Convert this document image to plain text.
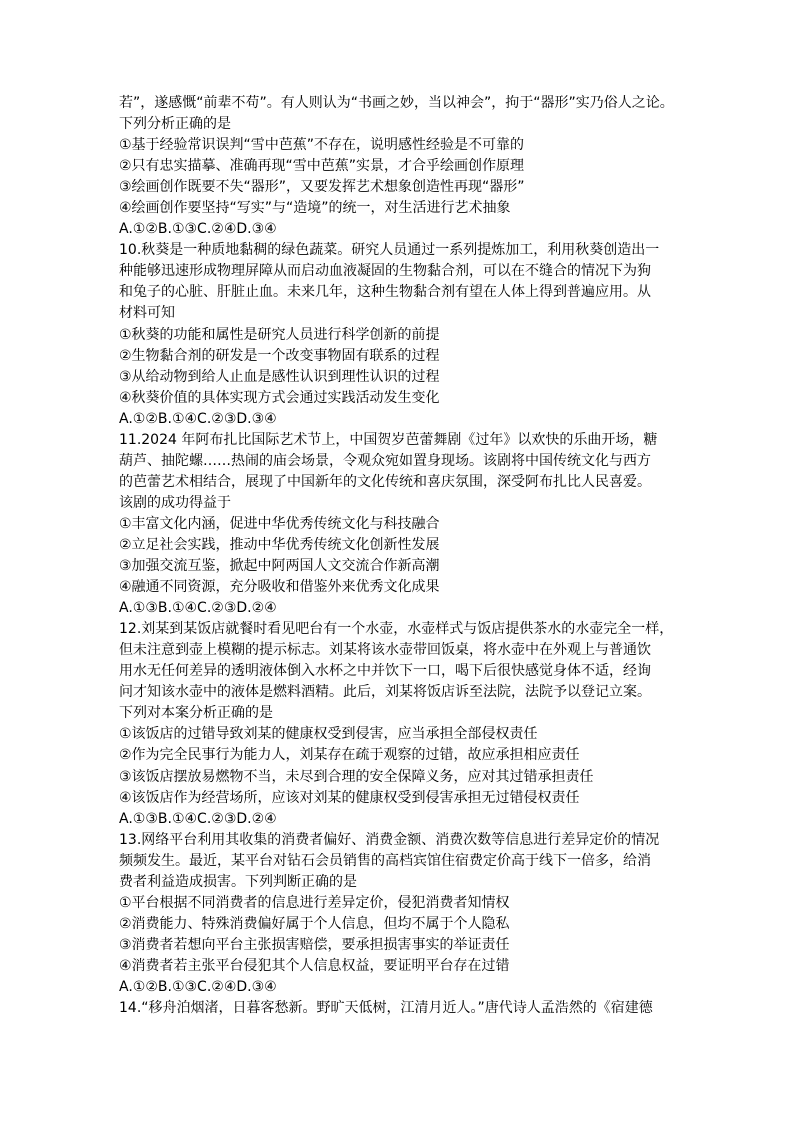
若”，遂感慨“前辈不苟”。有人则认为“书画之妙，当以神会”，拘于“器形”实乃俗人之论。
下列分析正确的是
①基于经验常识误判“雪中芭蕉”不存在，说明感性经验是不可靠的
②只有忠实描摹、准确再现“雪中芭蕉”实景，才合乎绘画创作原理
③绘画创作既要不失“器形”，又要发挥艺术想象创造性再现“器形”
④绘画创作要坚持“写实”与“造境”的统一，对生活进行艺术抽象
A.①②B.①③C.②④D.③④
10.秋葵是一种质地黏稠的绿色蔬菜。研究人员通过一系列提炼加工，利用秋葵创造出一
种能够迅速形成物理屏障从而启动血液凝固的生物黏合剂，可以在不缝合的情况下为狗
和兔子的心脏、肝脏止血。未来几年，这种生物黏合剂有望在人体上得到普遍应用。从
材料可知
①秋葵的功能和属性是研究人员进行科学创新的前提
②生物黏合剂的研发是一个改变事物固有联系的过程
③从给动物到给人止血是感性认识到理性认识的过程
④秋葵价值的具体实现方式会通过实践活动发生变化
A.①②B.①④C.②③D.③④
11.2024 年阿布扎比国际艺术节上，中国贺岁芭蕾舞剧《过年》以欢快的乐曲开场，糖
葫芦、抽陀螺……热闹的庙会场景，令观众宛如置身现场。该剧将中国传统文化与西方
的芭蕾艺术相结合，展现了中国新年的文化传统和喜庆氛围，深受阿布扎比人民喜爱。
该剧的成功得益于
①丰富文化内涵，促进中华优秀传统文化与科技融合
②立足社会实践，推动中华优秀传统文化创新性发展
③加强交流互鉴，掀起中阿两国人文交流合作新高潮
④融通不同资源，充分吸收和借鉴外来优秀文化成果
A.①③B.①④C.②③D.②④
12.刘某到某饭店就餐时看见吧台有一个水壶，水壶样式与饭店提供茶水的水壶完全一样，
但未注意到壶上模糊的提示标志。刘某将该水壶带回饭桌，将水壶中在外观上与普通饮
用水无任何差异的透明液体倒入水杯之中并饮下一口，喝下后很快感觉身体不适，经询
问才知该水壶中的液体是燃料酒精。此后，刘某将饭店诉至法院，法院予以登记立案。
下列对本案分析正确的是
①该饭店的过错导致刘某的健康权受到侵害，应当承担全部侵权责任
②作为完全民事行为能力人，刘某存在疏于观察的过错，故应承担相应责任
③该饭店摆放易燃物不当，未尽到合理的安全保障义务，应对其过错承担责任
④该饭店作为经营场所，应该对刘某的健康权受到侵害承担无过错侵权责任
A.①③B.①④C.②③D.②④
13.网络平台利用其收集的消费者偏好、消费金额、消费次数等信息进行差异定价的情况
频频发生。最近，某平台对钻石会员销售的高档宾馆住宿费定价高于线下一倍多，给消
费者利益造成损害。下列判断正确的是
①平台根据不同消费者的信息进行差异定价，侵犯消费者知情权
②消费能力、特殊消费偏好属于个人信息，但均不属于个人隐私
③消费者若想向平台主张损害赔偿，要承担损害事实的举证责任
④消费者若主张平台侵犯其个人信息权益，要证明平台存在过错
A.①②B.①③C.②④D.③④
14.“移舟泊烟渚，日暮客愁新。野旷天低树，江清月近人。”唐代诗人孟浩然的《宿建德
